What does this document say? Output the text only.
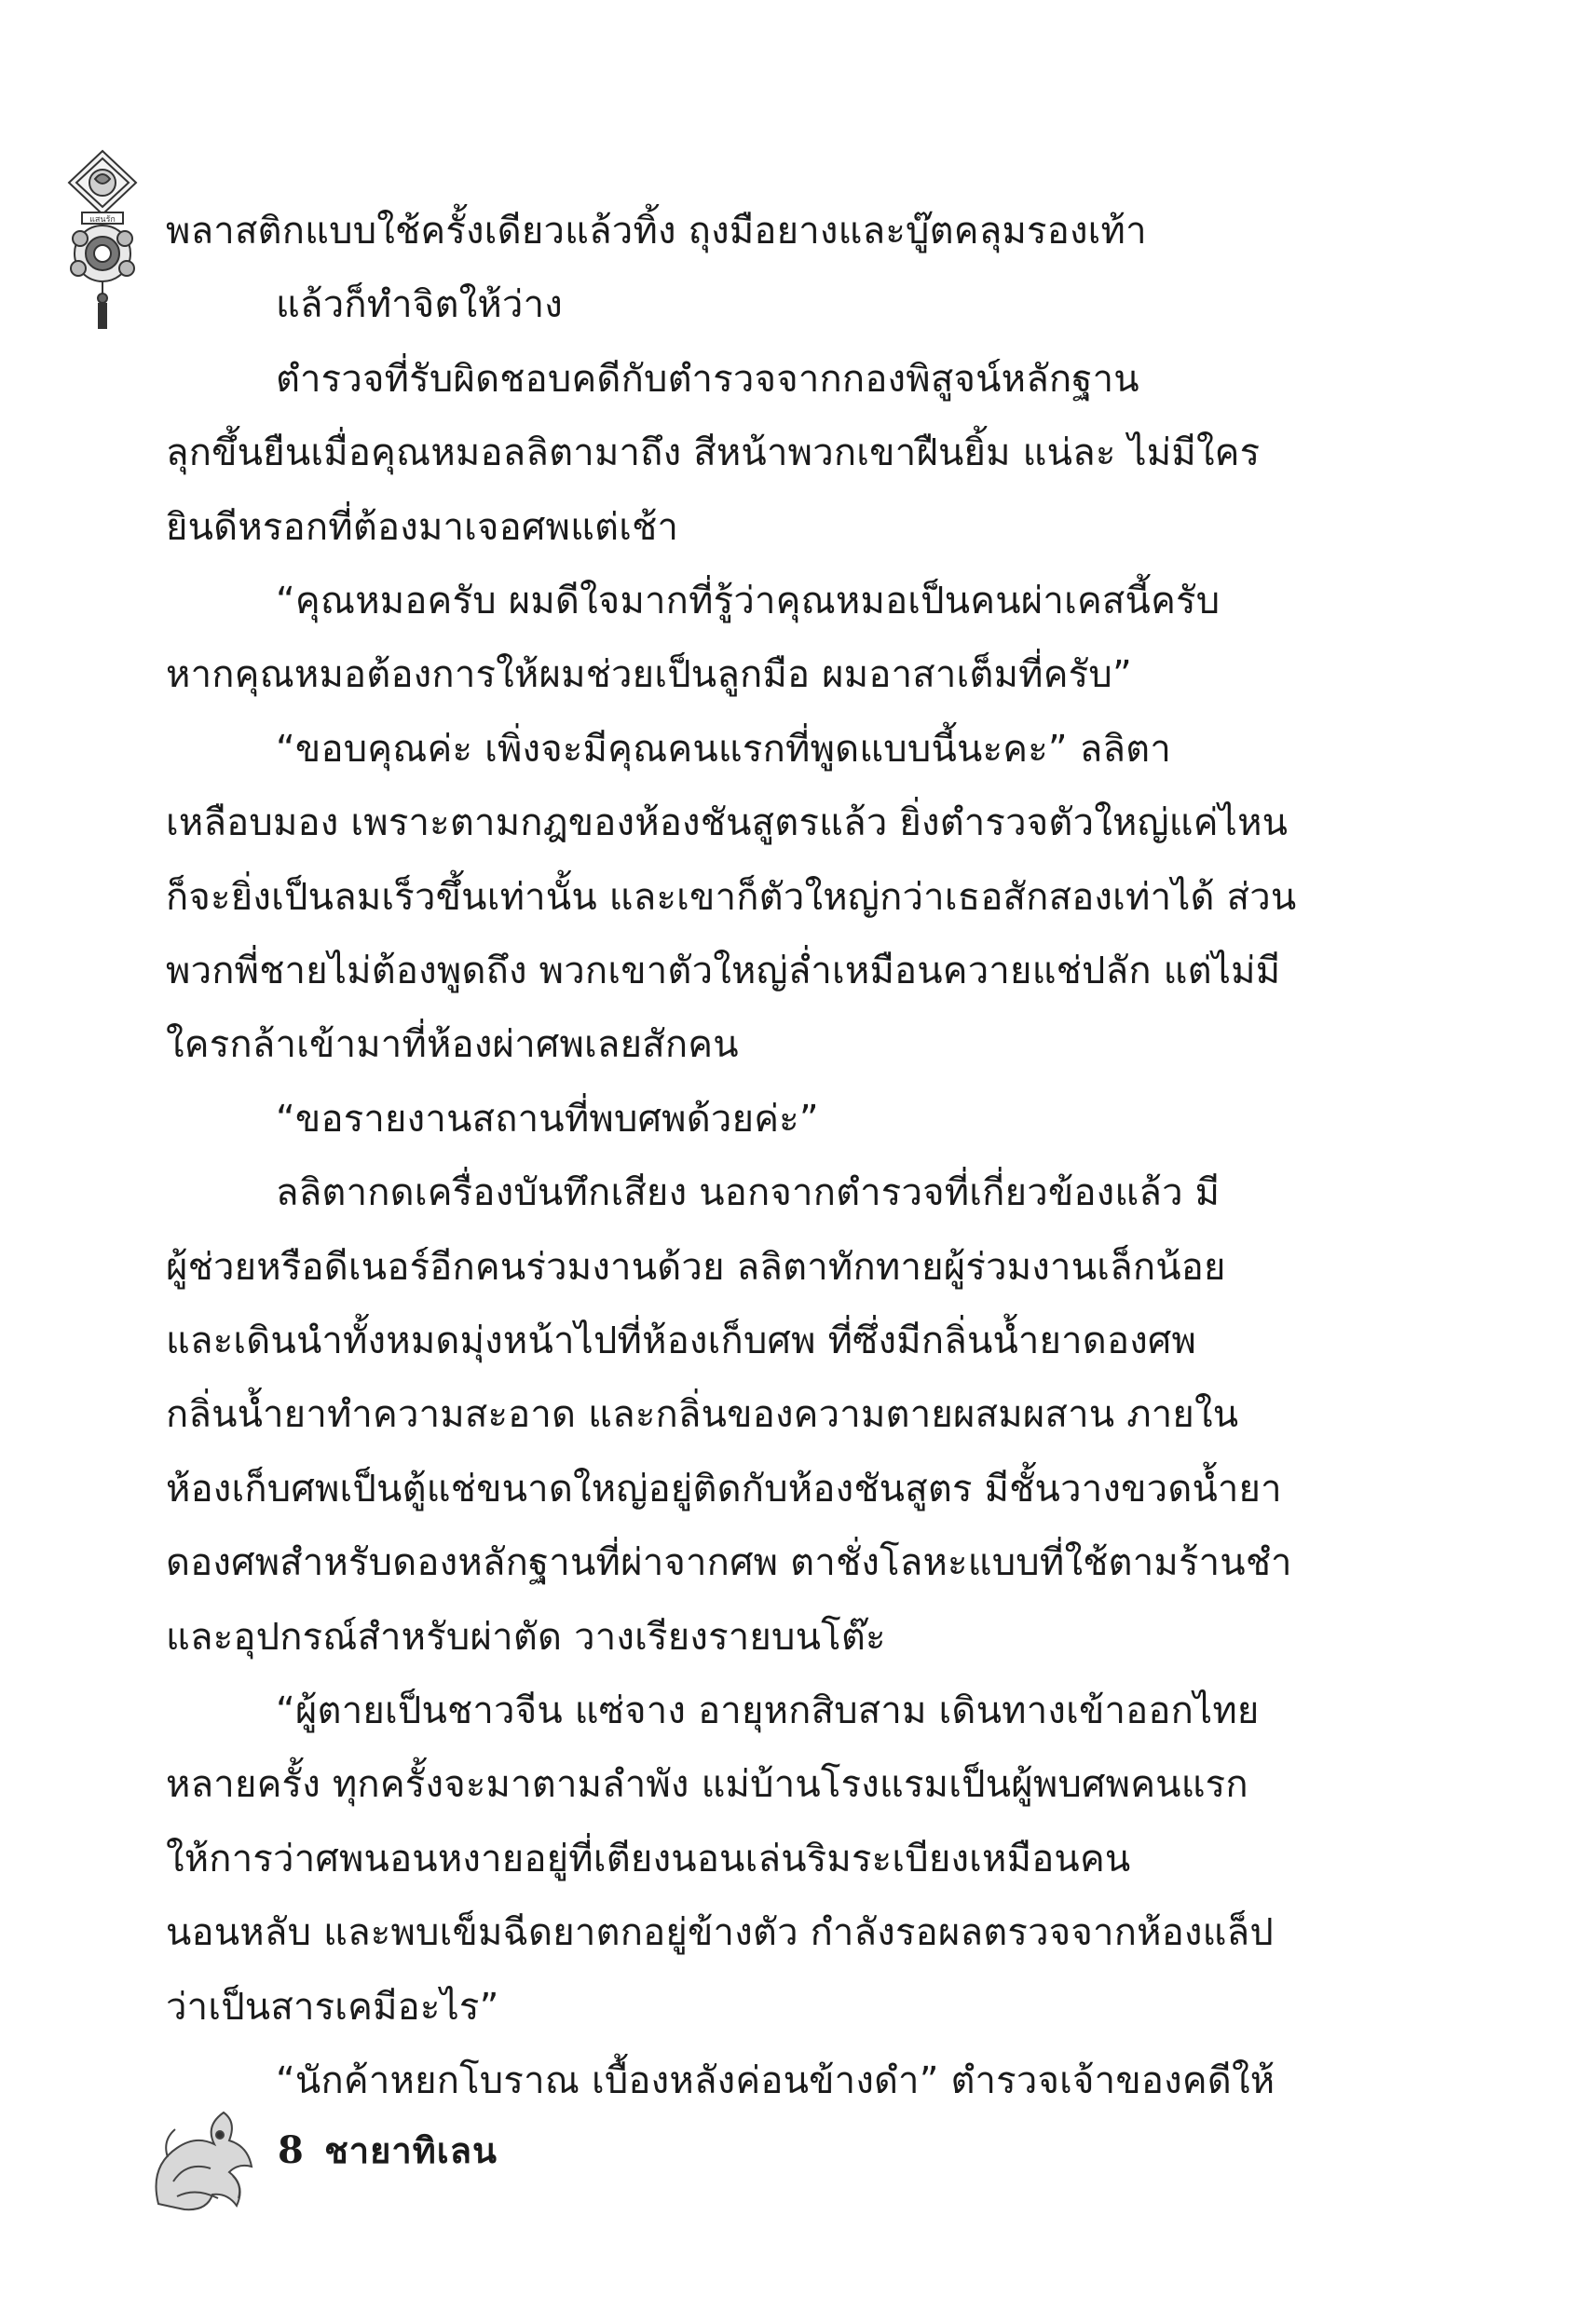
แสนรัก พลาสติกแบบใช้ครั้งเดียวแล้วทิ้ง ถุงมือยางและบู๊ตคลุมรองเท้า
แล้วก็ทำจิตให้ว่าง
ตำรวจที่รับผิดชอบคดีกับตำรวจจากกองพิสูจน์หลักฐาน
ลุกขึ้นยืนเมื่อคุณหมอลลิตามาถึง สีหน้าพวกเขาฝืนยิ้ม แน่ละ ไม่มีใคร
ยินดีหรอกที่ต้องมาเจอศพแต่เช้า
“คุณหมอครับ ผมดีใจมากที่รู้ว่าคุณหมอเป็นคนผ่าเคสนี้ครับ
หากคุณหมอต้องการให้ผมช่วยเป็นลูกมือ ผมอาสาเต็มที่ครับ”
“ขอบคุณค่ะ เพิ่งจะมีคุณคนแรกที่พูดแบบนี้นะคะ” ลลิตา
เหลือบมอง เพราะตามกฎของห้องชันสูตรแล้ว ยิ่งตำรวจตัวใหญ่แค่ไหน
ก็จะยิ่งเป็นลมเร็วขึ้นเท่านั้น และเขาก็ตัวใหญ่กว่าเธอสักสองเท่าได้ ส่วน
พวกพี่ชายไม่ต้องพูดถึง พวกเขาตัวใหญ่ล่ำเหมือนควายแช่ปลัก แต่ไม่มี
ใครกล้าเข้ามาที่ห้องผ่าศพเลยสักคน
“ขอรายงานสถานที่พบศพด้วยค่ะ”
ลลิตากดเครื่องบันทึกเสียง นอกจากตำรวจที่เกี่ยวข้องแล้ว มี
ผู้ช่วยหรือดีเนอร์อีกคนร่วมงานด้วย ลลิตาทักทายผู้ร่วมงานเล็กน้อย
และเดินนำทั้งหมดมุ่งหน้าไปที่ห้องเก็บศพ ที่ซึ่งมีกลิ่นน้ำยาดองศพ
กลิ่นน้ำยาทำความสะอาด และกลิ่นของความตายผสมผสาน ภายใน
ห้องเก็บศพเป็นตู้แช่ขนาดใหญ่อยู่ติดกับห้องชันสูตร มีชั้นวางขวดน้ำยา
ดองศพสำหรับดองหลักฐานที่ผ่าจากศพ ตาชั่งโลหะแบบที่ใช้ตามร้านชำ
และอุปกรณ์สำหรับผ่าตัด วางเรียงรายบนโต๊ะ
“ผู้ตายเป็นชาวจีน แซ่จาง อายุหกสิบสาม เดินทางเข้าออกไทย
หลายครั้ง ทุกครั้งจะมาตามลำพัง แม่บ้านโรงแรมเป็นผู้พบศพคนแรก
ให้การว่าศพนอนหงายอยู่ที่เตียงนอนเล่นริมระเบียงเหมือนคน
นอนหลับ และพบเข็มฉีดยาตกอยู่ข้างตัว กำลังรอผลตรวจจากห้องแล็ป
ว่าเป็นสารเคมีอะไร”
“นักค้าหยกโบราณ เบื้องหลังค่อนข้างดำ” ตำรวจเจ้าของคดีให้
8 ชายาทิเลน
